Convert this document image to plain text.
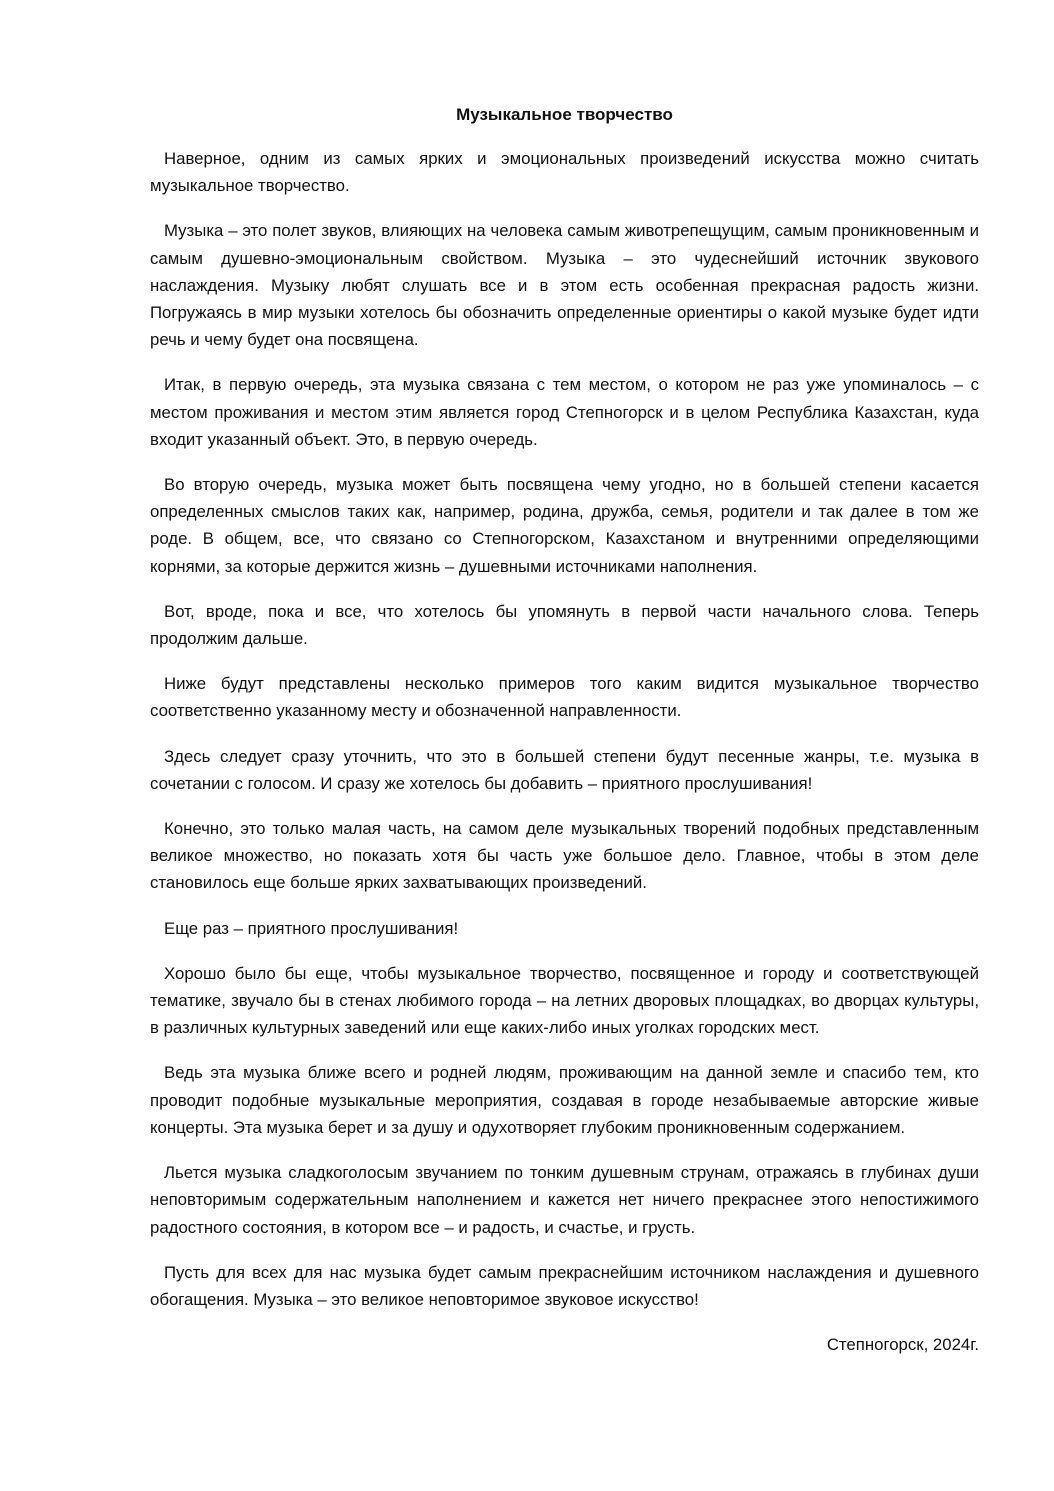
Музыкальное творчество

Наверное, одним из самых ярких и эмоциональных произведений искусства можно считать музыкальное творчество.

Музыка – это полет звуков, влияющих на человека самым животрепещущим, самым проникновенным и самым душевно-эмоциональным свойством. Музыка – это чудеснейший источник звукового наслаждения. Музыку любят слушать все и в этом есть особенная прекрасная радость жизни. Погружаясь в мир музыки хотелось бы обозначить определенные ориентиры о какой музыке будет идти речь и чему будет она посвящена.

Итак, в первую очередь, эта музыка связана с тем местом, о котором не раз уже упоминалось – с местом проживания и местом этим является город Степногорск и в целом Республика Казахстан, куда входит указанный объект. Это, в первую очередь.

Во вторую очередь, музыка может быть посвящена чему угодно, но в большей степени касается определенных смыслов таких как, например, родина, дружба, семья, родители и так далее в том же роде. В общем, все, что связано со Степногорском, Казахстаном и внутренними определяющими корнями, за которые держится жизнь – душевными источниками наполнения.

Вот, вроде, пока и все, что хотелось бы упомянуть в первой части начального слова. Теперь продолжим дальше.

Ниже будут представлены несколько примеров того каким видится музыкальное творчество соответственно указанному месту и обозначенной направленности.

Здесь следует сразу уточнить, что это в большей степени будут песенные жанры, т.е. музыка в сочетании с голосом. И сразу же хотелось бы добавить – приятного прослушивания!

Конечно, это только малая часть, на самом деле музыкальных творений подобных представленным великое множество, но показать хотя бы часть уже большое дело. Главное, чтобы в этом деле становилось еще больше ярких захватывающих произведений.

Еще раз – приятного прослушивания!

Хорошо было бы еще, чтобы музыкальное творчество, посвященное и городу и соответствующей тематике, звучало бы в стенах любимого города – на летних дворовых площадках, во дворцах культуры, в различных культурных заведений или еще каких-либо иных уголках городских мест.

Ведь эта музыка ближе всего и родней людям, проживающим на данной земле и спасибо тем, кто проводит подобные музыкальные мероприятия, создавая в городе незабываемые авторские живые концерты. Эта музыка берет и за душу и одухотворяет глубоким проникновенным содержанием.

Льется музыка сладкоголосым звучанием по тонким душевным струнам, отражаясь в глубинах души неповторимым содержательным наполнением и кажется нет ничего прекраснее этого непостижимого радостного состояния, в котором все – и радость, и счастье, и грусть.

Пусть для всех для нас музыка будет самым прекраснейшим источником наслаждения и душевного обогащения. Музыка – это великое неповторимое звуковое искусство!

Степногорск, 2024г.
